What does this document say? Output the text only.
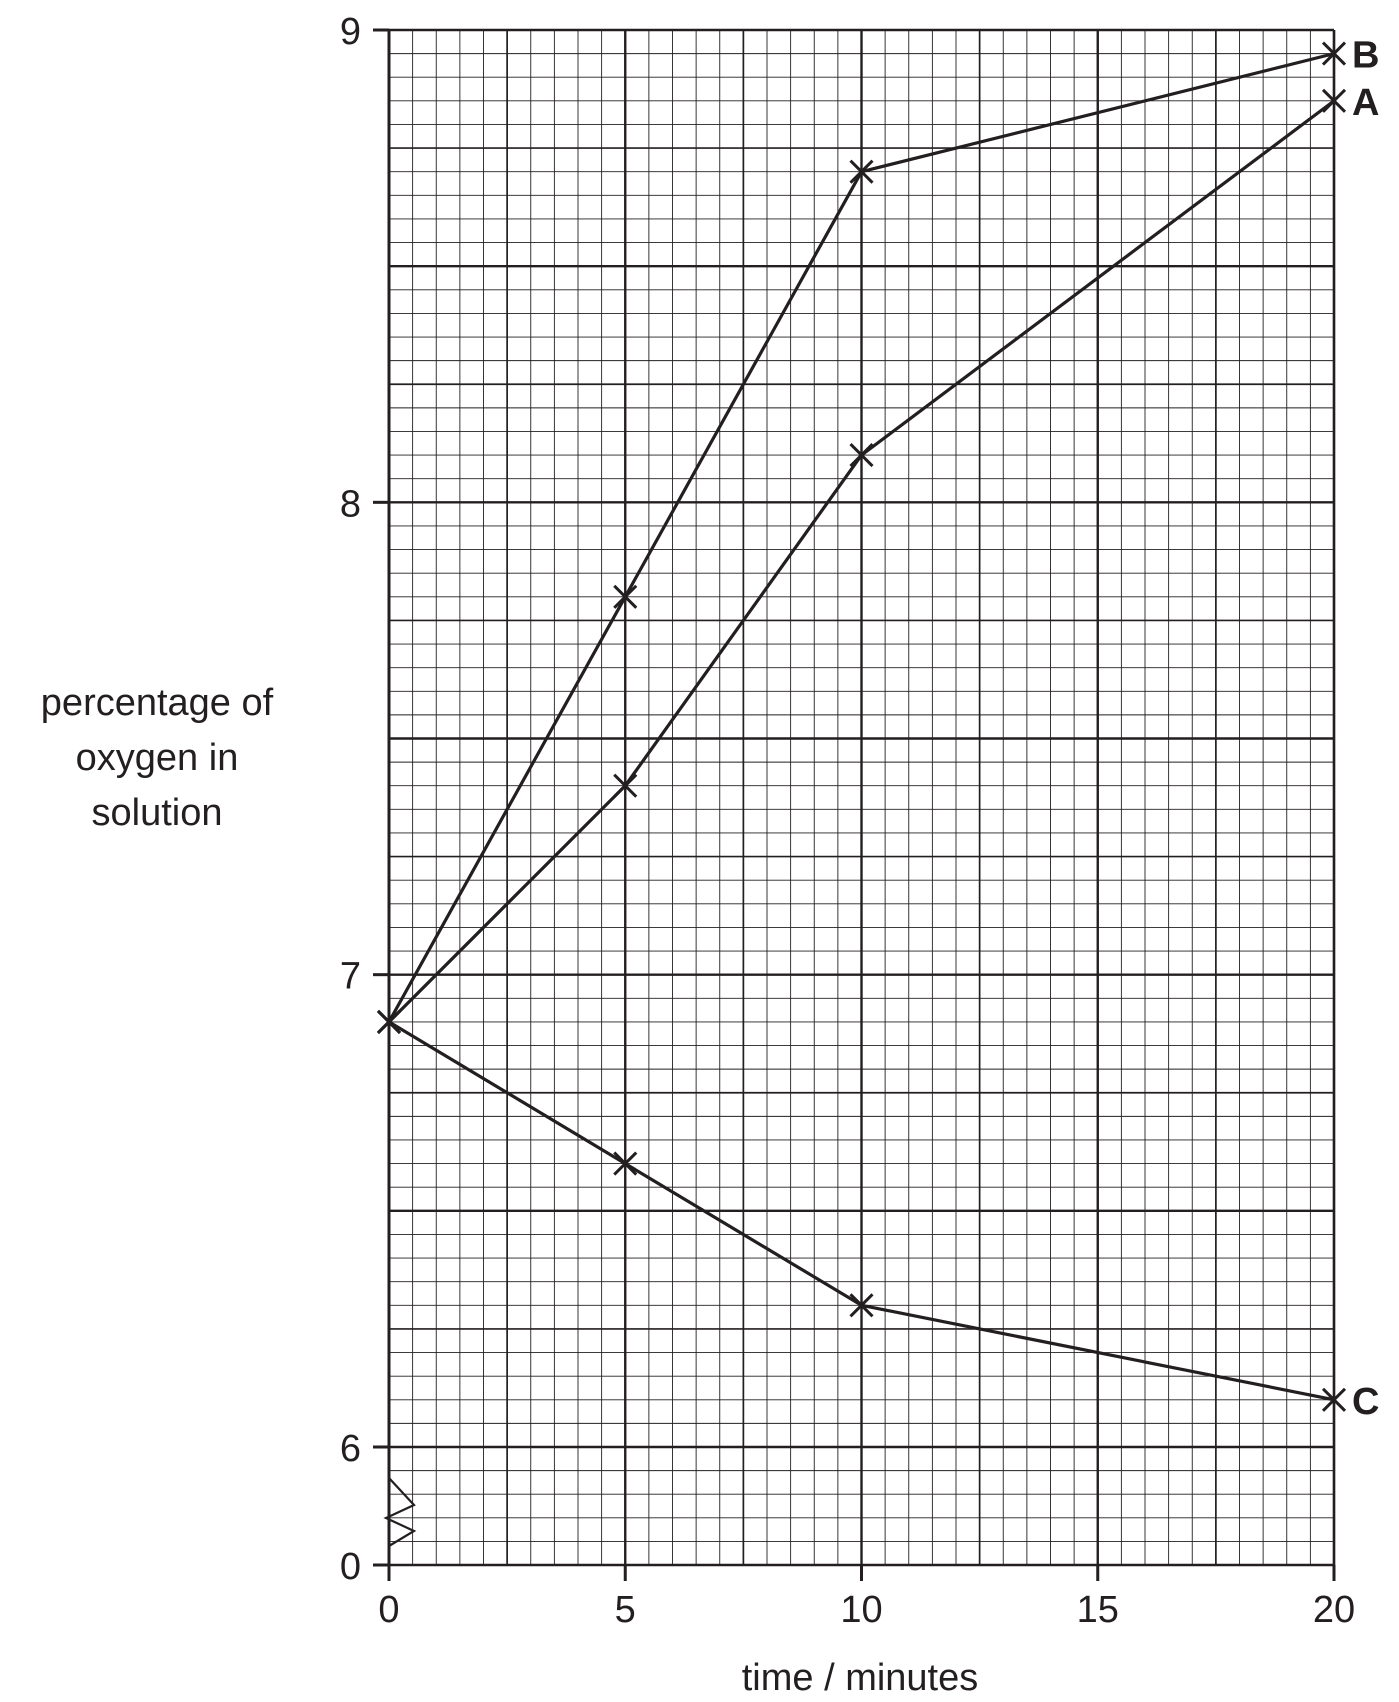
0
6
7
8
9
0	5	10	15	20
A
B
C
percentage of
oxygen in
solution
time / minutes
